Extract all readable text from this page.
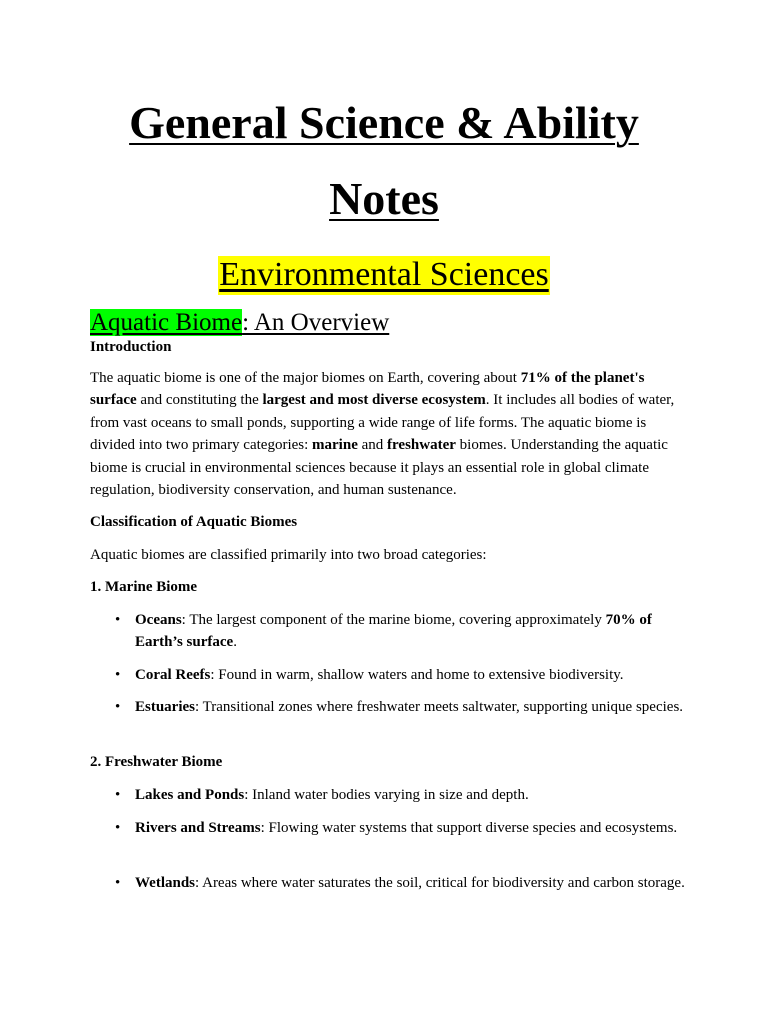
General Science & Ability
Notes
Environmental Sciences
Aquatic Biome: An Overview
Introduction
The aquatic biome is one of the major biomes on Earth, covering about 71% of the planet's surface and constituting the largest and most diverse ecosystem. It includes all bodies of water, from vast oceans to small ponds, supporting a wide range of life forms. The aquatic biome is divided into two primary categories: marine and freshwater biomes. Understanding the aquatic biome is crucial in environmental sciences because it plays an essential role in global climate regulation, biodiversity conservation, and human sustenance.
Classification of Aquatic Biomes
Aquatic biomes are classified primarily into two broad categories:
1. Marine Biome
• Oceans: The largest component of the marine biome, covering approximately 70% of Earth’s surface.
• Coral Reefs: Found in warm, shallow waters and home to extensive biodiversity.
• Estuaries: Transitional zones where freshwater meets saltwater, supporting unique species.
2. Freshwater Biome
• Lakes and Ponds: Inland water bodies varying in size and depth.
• Rivers and Streams: Flowing water systems that support diverse species and ecosystems.
• Wetlands: Areas where water saturates the soil, critical for biodiversity and carbon storage.
